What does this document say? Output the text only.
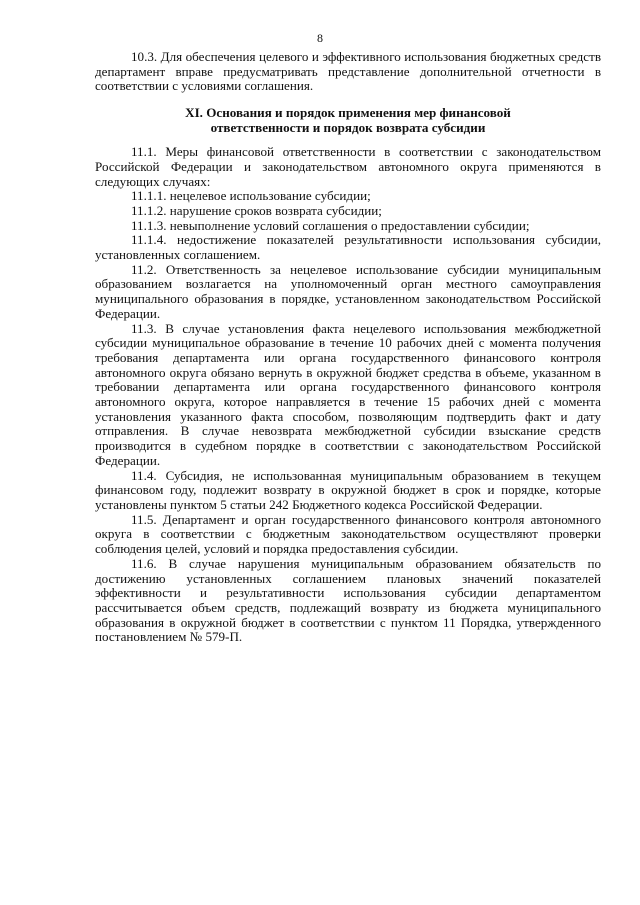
8

10.3. Для обеспечения целевого и эффективного использования бюджетных средств департамент вправе предусматривать представление дополнительной отчетности в соответствии с условиями соглашения.

XI. Основания и порядок применения мер финансовой
ответственности и порядок возврата субсидии

11.1. Меры финансовой ответственности в соответствии с законодательством Российской Федерации и законодательством автономного округа применяются в следующих случаях:

11.1.1. нецелевое использование субсидии;

11.1.2. нарушение сроков возврата субсидии;

11.1.3. невыполнение условий соглашения о предоставлении субсидии;

11.1.4. недостижение показателей результативности использования субсидии, установленных соглашением.

11.2. Ответственность за нецелевое использование субсидии муниципальным образованием возлагается на уполномоченный орган местного самоуправления муниципального образования в порядке, установленном законодательством Российской Федерации.

11.3. В случае установления факта нецелевого использования межбюджетной субсидии муниципальное образование в течение 10 рабочих дней с момента получения требования департамента или органа государственного финансового контроля автономного округа обязано вернуть в окружной бюджет средства в объеме, указанном в требовании департамента или органа государственного финансового контроля автономного округа, которое направляется в течение 15 рабочих дней с момента установления указанного факта способом, позволяющим подтвердить факт и дату отправления. В случае невозврата межбюджетной субсидии взыскание средств производится в судебном порядке в соответствии с законодательством Российской Федерации.

11.4. Субсидия, не использованная муниципальным образованием в текущем финансовом году, подлежит возврату в окружной бюджет в срок и порядке, которые установлены пунктом 5 статьи 242 Бюджетного кодекса Российской Федерации.

11.5. Департамент и орган государственного финансового контроля автономного округа в соответствии с бюджетным законодательством осуществляют проверки соблюдения целей, условий и порядка предоставления субсидии.

11.6. В случае нарушения муниципальным образованием обязательств по достижению установленных соглашением плановых значений показателей эффективности и результативности использования субсидии департаментом рассчитывается объем средств, подлежащий возврату из бюджета муниципального образования в окружной бюджет в соответствии с пунктом 11 Порядка, утвержденного постановлением № 579-П.
